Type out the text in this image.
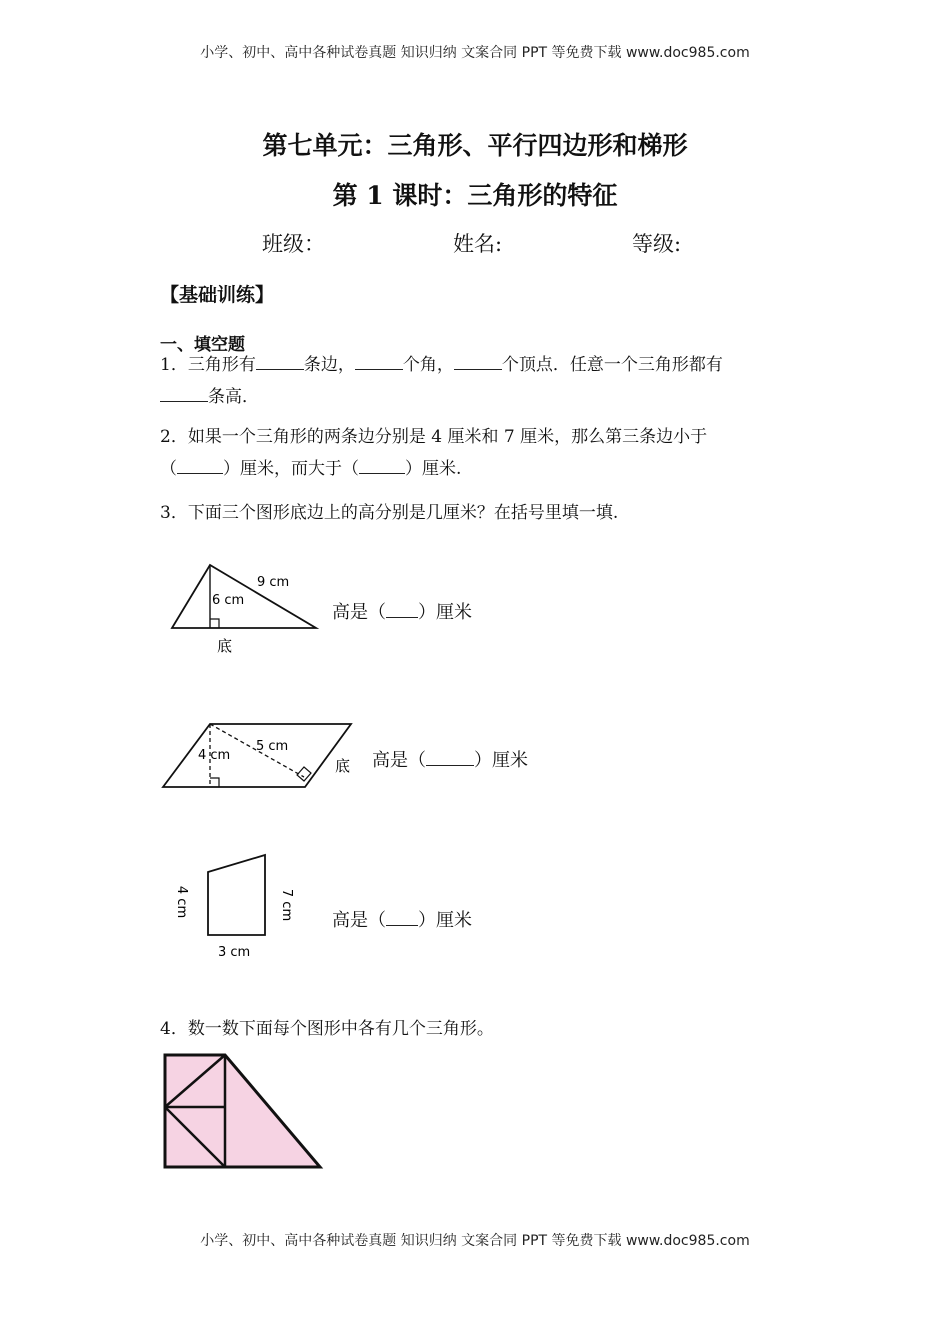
小学、初中、高中各种试卷真题 知识归纳 文案合同 PPT 等免费下载 www.doc985.com
第七单元：三角形、平行四边形和梯形
第 1 课时：三角形的特征
班级：	姓名:	等级:
【基础训练】
一、填空题
1．三角形有	条边，	个角，	个顶点．任意一个三角形都有
条高．
2．如果一个三角形的两条边分别是 4 厘米和 7 厘米，那么第三条边小于
（	）厘米，而大于（	）厘米.
3．下面三个图形底边上的高分别是几厘米？在括号里填一填.
9 cm
6 cm
底
高是（ ）厘米
4 cm
5 cm
底 高是（	）厘米
4 cm	7 cm
3 cm
高是（ ）厘米
4．数一数下面每个图形中各有几个三角形。
小学、初中、高中各种试卷真题 知识归纳 文案合同 PPT 等免费下载 www.doc985.com
